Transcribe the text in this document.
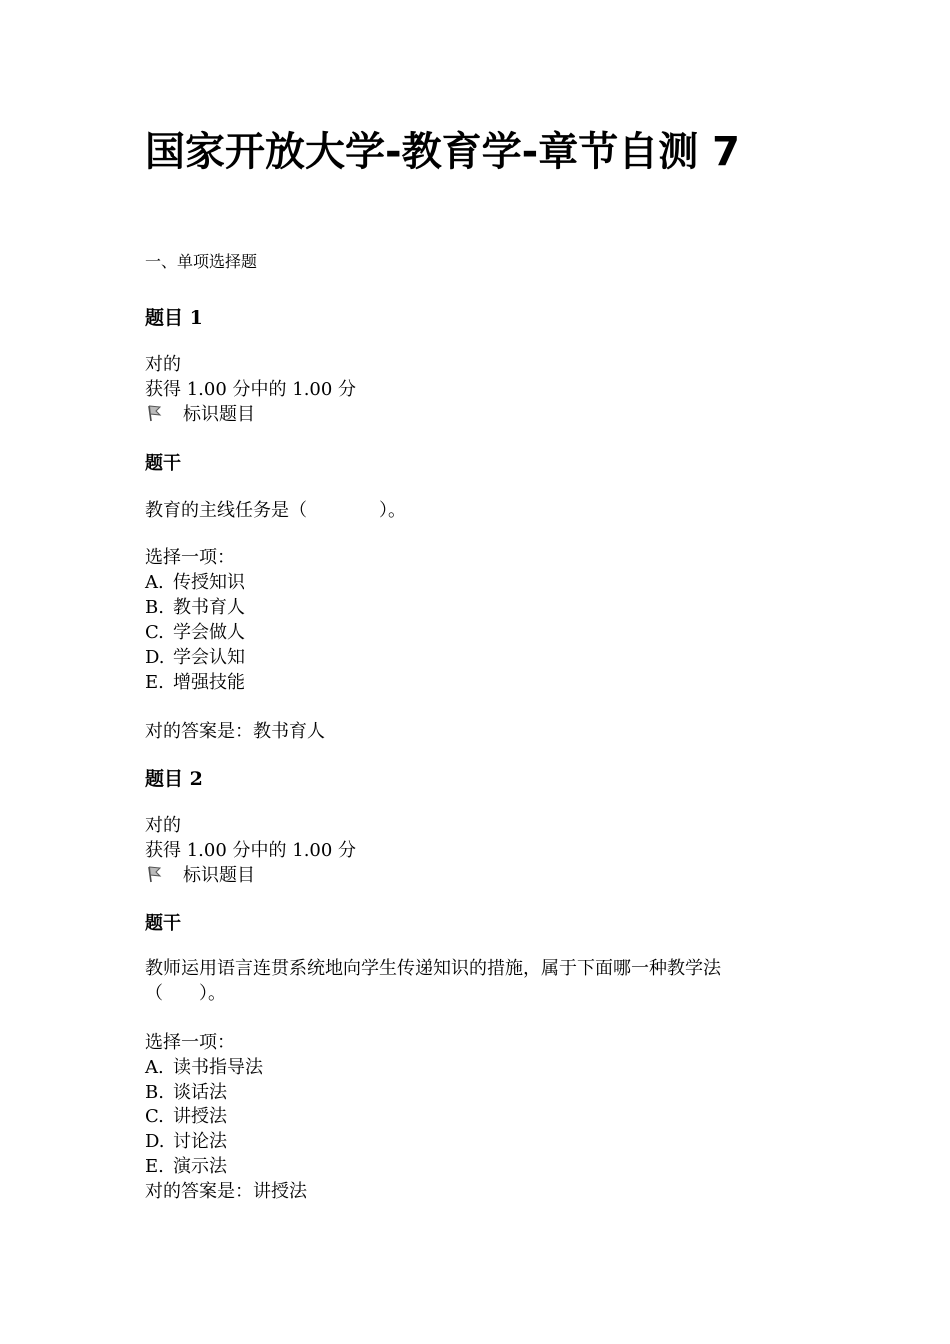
国家开放大学-教育学-章节自测 7
一、单项选择题
题目 1
对的
获得 1.00 分中的 1.00 分
标识题目
题干
教育的主线任务是（　　　　）。
选择一项：
A. 传授知识
B. 教书育人
C. 学会做人
D. 学会认知
E. 增强技能
对的答案是：教书育人
题目 2
对的
获得 1.00 分中的 1.00 分
标识题目
题干
教师运用语言连贯系统地向学生传递知识的措施，属于下面哪一种教学法（　　）。
选择一项：
A. 读书指导法
B. 谈话法
C. 讲授法
D. 讨论法
E. 演示法
对的答案是：讲授法
